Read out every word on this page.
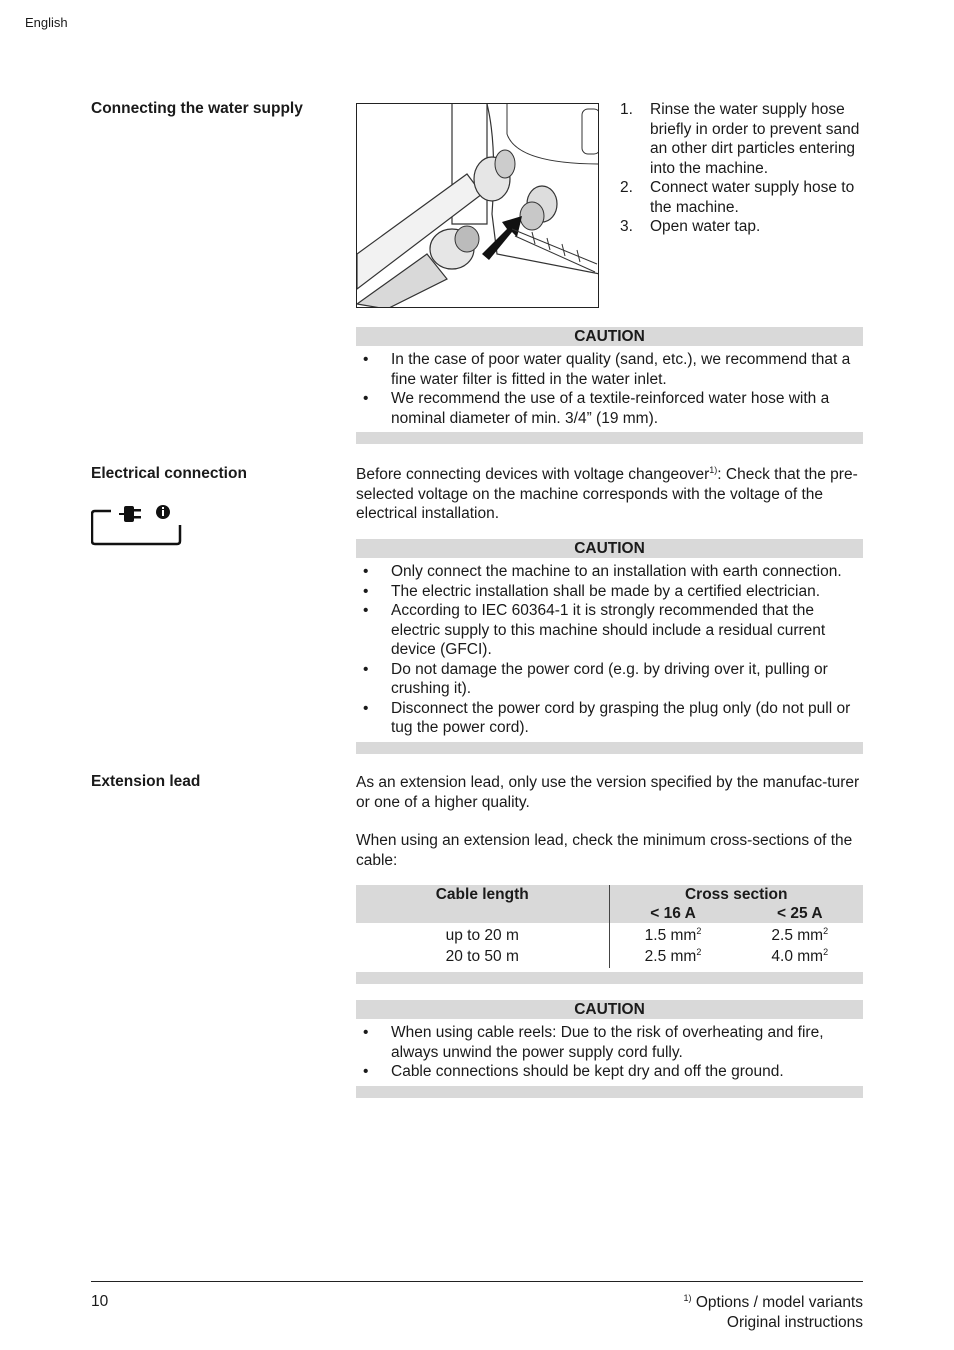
English
Connecting the water supply	1.	Rinse the water supply hose briefly in order to prevent sand an other dirt particles entering into the machine.
2.	Connect water supply hose to the machine.
3.	Open water tap.
CAUTION
•	In the case of poor water quality (sand, etc.), we recommend that a fine water filter is fitted in the water inlet.
•	We recommend the use of a textile-reinforced water hose with a nominal diameter of min. 3/4” (19 mm).
Electrical connection	Before connecting devices with voltage changeover$^{1)}$: Check that the pre-selected voltage on the machine corresponds with the voltage of the electrical installation.
CAUTION
•	Only connect the machine to an installation with earth connection.
•	The electric installation shall be made by a certified electrician.
•	According to IEC 60364-1 it is strongly recommended that the electric supply to this machine should include a residual current device (GFCI).
•	Do not damage the power cord (e.g. by driving over it, pulling or crushing it).
•	Disconnect the power cord by grasping the plug only (do not pull or tug the power cord).
Extension lead	As an extension lead, only use the version specified by the manufac-turer or one of a higher quality.
When using an extension lead, check the minimum cross-sections of the cable:
Cable length	Cross section	
	< 16 A	< 25 A
up to 20 m	1.5 $mm^2$	2.5 $mm^2$
20 to 50 m	2.5 $mm^2$	4.0 $mm^2$
CAUTION
•	When using cable reels: Due to the risk of overheating and fire, always unwind the power supply cord fully.
•	Cable connections should be kept dry and off the ground.
10	$^{1)}$ Options / model variants
Original instructions
